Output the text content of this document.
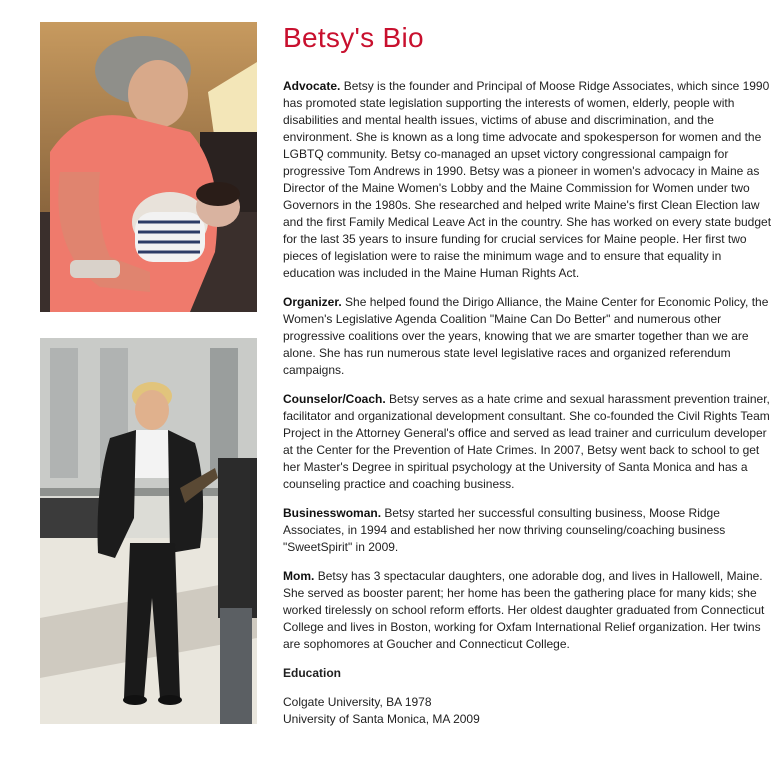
Betsy's Bio

Advocate. Betsy is the founder and Principal of Moose Ridge Associates, which since 1990 has promoted state legislation supporting the interests of women, elderly, people with disabilities and mental health issues, victims of abuse and discrimination, and the environment. She is known as a long time advocate and spokesperson for women and the LGBTQ community. Betsy co-managed an upset victory congressional campaign for progressive Tom Andrews in 1990. Betsy was a pioneer in women's advocacy in Maine as Director of the Maine Women's Lobby and the Maine Commission for Women under two Governors in the 1980s. She researched and helped write Maine's first Clean Election law and the first Family Medical Leave Act in the country. She has worked on every state budget for the last 35 years to insure funding for crucial services for Maine people. Her first two pieces of legislation were to raise the minimum wage and to ensure that equality in education was included in the Maine Human Rights Act.

Organizer. She helped found the Dirigo Alliance, the Maine Center for Economic Policy, the Women's Legislative Agenda Coalition "Maine Can Do Better" and numerous other progressive coalitions over the years, knowing that we are smarter together than we are alone. She has run numerous state level legislative races and organized referendum campaigns.

Counselor/Coach. Betsy serves as a hate crime and sexual harassment prevention trainer, facilitator and organizational development consultant. She co-founded the Civil Rights Team Project in the Attorney General's office and served as lead trainer and curriculum developer at the Center for the Prevention of Hate Crimes. In 2007, Betsy went back to school to get her Master's Degree in spiritual psychology at the University of Santa Monica and has a counseling practice and coaching business.

Businesswoman. Betsy started her successful consulting business, Moose Ridge Associates, in 1994 and established her now thriving counseling/coaching business "SweetSpirit" in 2009.

Mom. Betsy has 3 spectacular daughters, one adorable dog, and lives in Hallowell, Maine. She served as booster parent; her home has been the gathering place for many kids; she worked tirelessly on school reform efforts. Her oldest daughter graduated from Connecticut College and lives in Boston, working for Oxfam International Relief organization. Her twins are sophomores at Goucher and Connecticut College.

Education
Colgate University, BA 1978
University of Santa Monica, MA 2009
